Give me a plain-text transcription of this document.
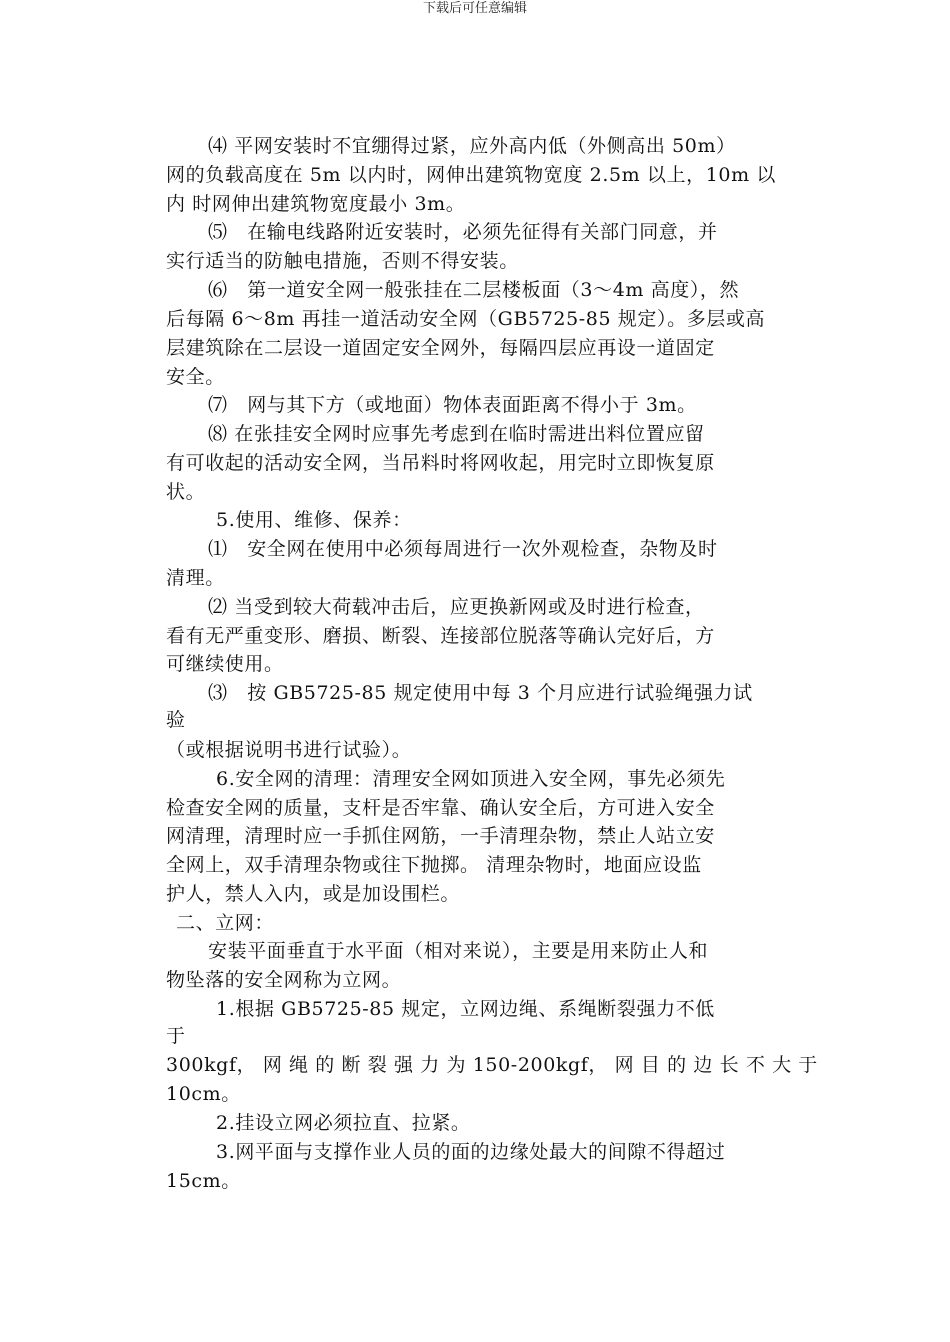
下载后可任意编辑
⑷ 平网安装时不宜绷得过紧，应外高内低（外侧高出 50m）
网的负载高度在 5m 以内时，网伸出建筑物宽度 2.5m 以上，10m 以
内 时网伸出建筑物宽度最小 3m。
⑸　在输电线路附近安装时，必须先征得有关部门同意，并
实行适当的防触电措施，否则不得安装。
⑹　第一道安全网一般张挂在二层楼板面（3～4m 高度），然
后每隔 6～8m 再挂一道活动安全网（GB5725-85 规定）。多层或高
层建筑除在二层设一道固定安全网外，每隔四层应再设一道固定
安全。
⑺　网与其下方（或地面）物体表面距离不得小于 3m。
⑻ 在张挂安全网时应事先考虑到在临时需进出料位置应留
有可收起的活动安全网，当吊料时将网收起，用完时立即恢复原
状。
5.使用、维修、保养：
⑴　安全网在使用中必须每周进行一次外观检查，杂物及时
清理。
⑵ 当受到较大荷载冲击后，应更换新网或及时进行检查，
看有无严重变形、磨损、断裂、连接部位脱落等确认完好后，方
可继续使用。
⑶　按 GB5725-85 规定使用中每 3 个月应进行试验绳强力试
验
（或根据说明书进行试验）。
6.安全网的清理：清理安全网如顶进入安全网，事先必须先
检查安全网的质量，支杆是否牢靠、确认安全后，方可进入安全
网清理，清理时应一手抓住网筋，一手清理杂物，禁止人站立安
全网上，双手清理杂物或往下抛掷。 清理杂物时，地面应设监
护人，禁人入内，或是加设围栏。
二、立网：
安装平面垂直于水平面（相对来说），主要是用来防止人和
物坠落的安全网称为立网。
1.根据 GB5725-85 规定，立网边绳、系绳断裂强力不低
于
300kgf， 网 绳 的 断 裂 强 力 为 150-200kgf， 网 目 的 边 长 不 大 于
10cm。
2.挂设立网必须拉直、拉紧。
3.网平面与支撑作业人员的面的边缘处最大的间隙不得超过
15cm。
